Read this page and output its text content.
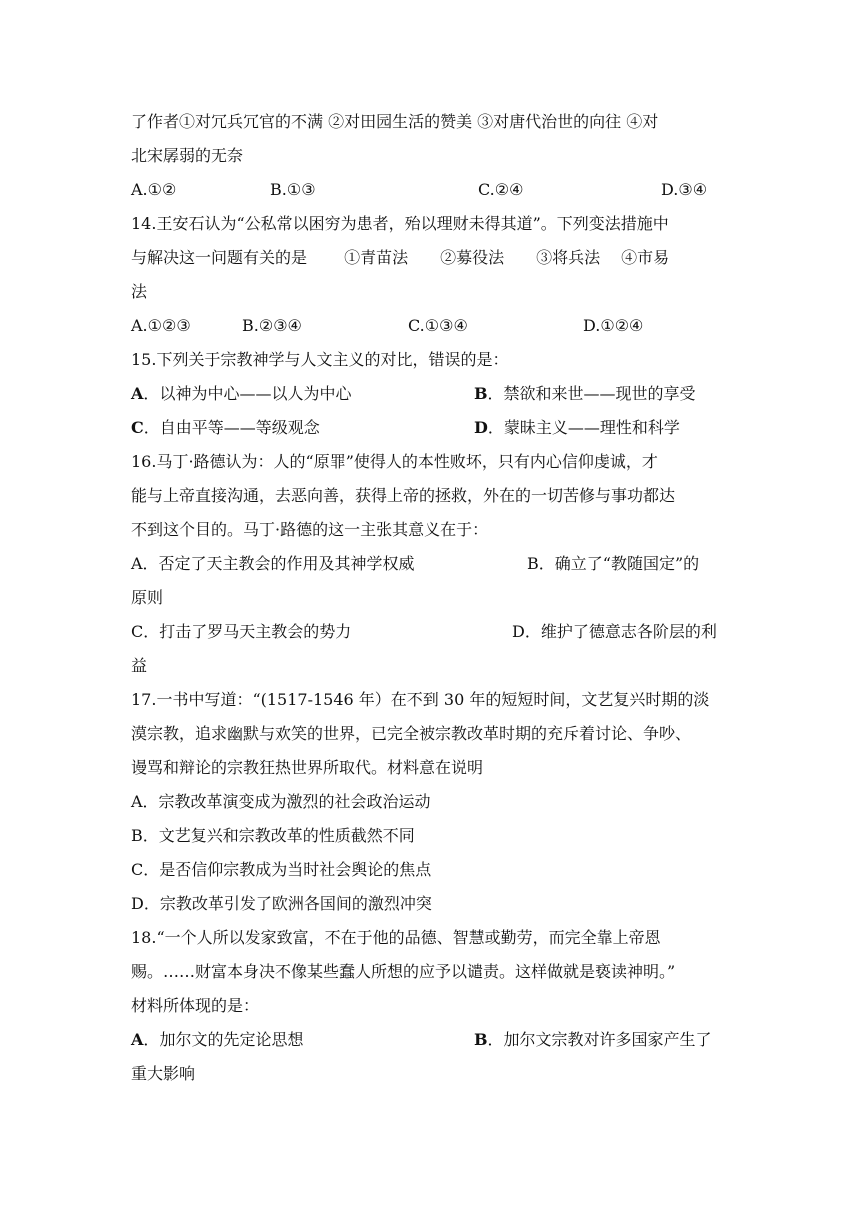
了作者①对冗兵冗官的不满 ②对田园生活的赞美 ③对唐代治世的向往 ④对
北宋孱弱的无奈
A.①②	B.①③	C.②④	D.③④
14.王安石认为“公私常以困穷为患者，殆以理财未得其道”。下列变法措施中
与解决这一问题有关的是　　 ①青苗法　　②募役法　　③将兵法　 ④市易
法
A.①②③	B.②③④	C.①③④	D.①②④
15.下列关于宗教神学与人文主义的对比，错误的是：
A．以神为中心——以人为中心	B．禁欲和来世——现世的享受
C．自由平等——等级观念	D．蒙昧主义——理性和科学
16.马丁·路德认为：人的“原罪”使得人的本性败坏，只有内心信仰虔诚，才
能与上帝直接沟通，去恶向善，获得上帝的拯救，外在的一切苦修与事功都达
不到这个目的。马丁·路德的这一主张其意义在于：
A．否定了天主教会的作用及其神学权威	B．确立了“教随国定”的
原则
C．打击了罗马天主教会的势力	D．维护了德意志各阶层的利
益
17.一书中写道：“(1517-1546 年）在不到 30 年的短短时间，文艺复兴时期的淡
漠宗教，追求幽默与欢笑的世界，已完全被宗教改革时期的充斥着讨论、争吵、
谩骂和辩论的宗教狂热世界所取代。材料意在说明
A．宗教改革演变成为激烈的社会政治运动
B．文艺复兴和宗教改革的性质截然不同
C．是否信仰宗教成为当时社会舆论的焦点
D．宗教改革引发了欧洲各国间的激烈冲突
18.“一个人所以发家致富，不在于他的品德、智慧或勤劳，而完全靠上帝恩
赐。……财富本身决不像某些蠢人所想的应予以谴责。这样做就是亵读神明。”
材料所体现的是：
A．加尔文的先定论思想	B．加尔文宗教对许多国家产生了
重大影响
